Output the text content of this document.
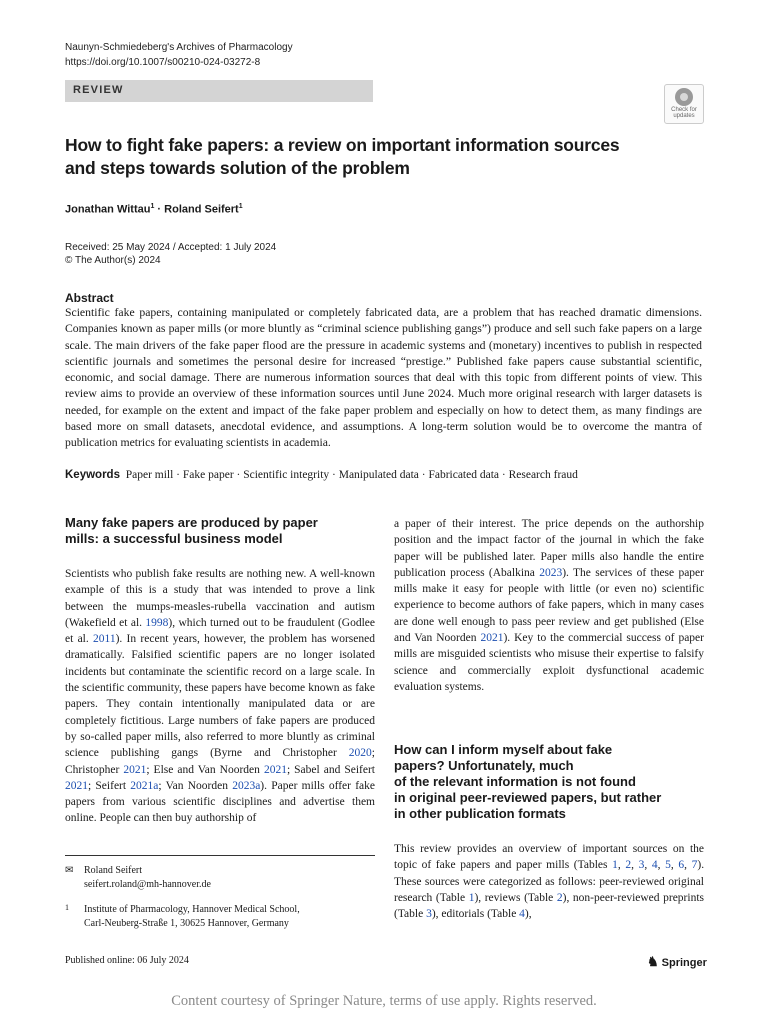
Naunyn-Schmiedeberg's Archives of Pharmacology
https://doi.org/10.1007/s00210-024-03272-8
REVIEW
Check for updates
How to fight fake papers: a review on important information sources
and steps towards solution of the problem
Jonathan Wittau$^1$ · Roland Seifert$^1$
Received: 25 May 2024 / Accepted: 1 July 2024
© The Author(s) 2024
Abstract
Scientific fake papers, containing manipulated or completely fabricated data, are a problem that has reached dramatic dimensions. Companies known as paper mills (or more bluntly as “criminal science publishing gangs”) produce and sell such fake papers on a large scale. The main drivers of the fake paper flood are the pressure in academic systems and (monetary) incentives to publish in respected scientific journals and sometimes the personal desire for increased “prestige.” Published fake papers cause substantial scientific, economic, and social damage. There are numerous information sources that deal with this topic from different points of view. This review aims to provide an overview of these information sources until June 2024. Much more original research with larger datasets is needed, for example on the extent and impact of the fake paper problem and especially on how to detect them, as many findings are based more on small datasets, anecdotal evidence, and assumptions. A long-term solution would be to overcome the mantra of publication metrics for evaluating scientists in academia.
Keywords Paper mill · Fake paper · Scientific integrity · Manipulated data · Fabricated data · Research fraud
Many fake papers are produced by paper
mills: a successful business model

Scientists who publish fake results are nothing new. A well-known example of this is a study that was intended to prove a link between the mumps-measles-rubella vaccination and autism (Wakefield et al. 1998), which turned out to be fraudulent (Godlee et al. 2011). In recent years, however, the problem has worsened dramatically. Falsified scientific papers are no longer isolated incidents but contaminate the scientific record on a large scale. In the scientific community, these papers have become known as fake papers. They contain intentionally manipulated data or are completely fictitious. Large numbers of fake papers are produced by so-called paper mills, also referred to more bluntly as criminal science publishing gangs (Byrne and Christopher 2020; Christopher 2021; Else and Van Noorden 2021; Sabel and Seifert 2021; Seifert 2021a; Van Noorden 2023a). Paper mills offer fake papers from various scientific disciplines and advertise them online. People can then buy authorship of

✉	Roland Seifert
seifert.roland@mh-hannover.de
1 Institute of Pharmacology, Hannover Medical School,
Carl-Neuberg-Straße 1, 30625 Hannover, Germany

a paper of their interest. The price depends on the authorship position and the impact factor of the journal in which the fake paper will be published later. Paper mills also handle the entire publication process (Abalkina 2023). The services of these paper mills make it easy for people with little (or even no) scientific experience to become authors of fake papers, which in many cases are done well enough to pass peer review and get published (Else and Van Noorden 2021). Key to the commercial success of paper mills are misguided scientists who misuse their expertise to falsify science and commercially exploit dysfunctional academic evaluation systems.

How can I inform myself about fake
papers? Unfortunately, much
of the relevant information is not found
in original peer-reviewed papers, but rather
in other publication formats

This review provides an overview of important sources on the topic of fake papers and paper mills (Tables 1, 2, 3, 4, 5, 6, 7). These sources were categorized as follows: peer-reviewed original research (Table 1), reviews (Table 2), non-peer-reviewed preprints (Table 3), editorials (Table 4),

Published online: 06 July 2024	♞ Springer
Content courtesy of Springer Nature, terms of use apply. Rights reserved.
